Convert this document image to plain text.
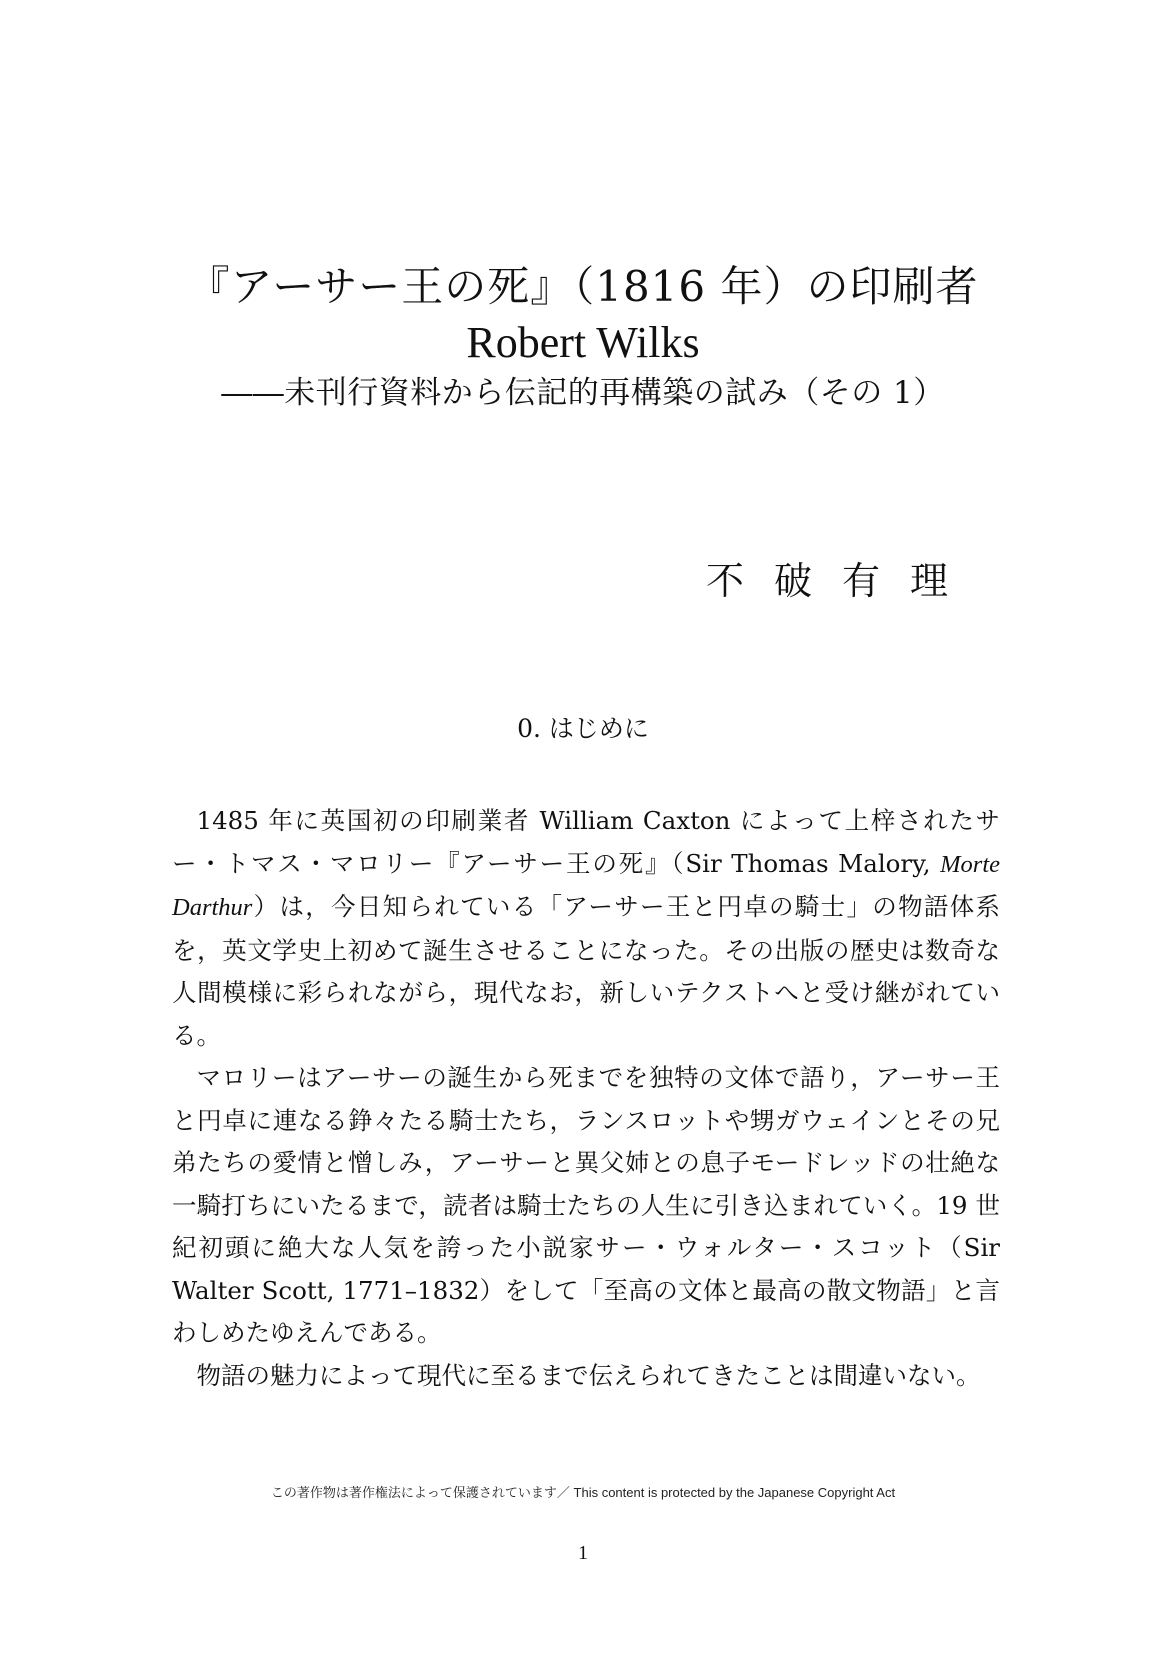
『アーサー王の死』（1816 年）の印刷者
Robert Wilks
――未刊行資料から伝記的再構築の試み（その 1）
不破有理
0. はじめに

1485 年に英国初の印刷業者 William Caxton によって上梓されたサー・トマス・マロリー『アーサー王の死』（Sir Thomas Malory, Morte Darthur）は，今日知られている「アーサー王と円卓の騎士」の物語体系を，英文学史上初めて誕生させることになった。その出版の歴史は数奇な人間模様に彩られながら，現代なお，新しいテクストへと受け継がれている。

マロリーはアーサーの誕生から死までを独特の文体で語り，アーサー王と円卓に連なる錚々たる騎士たち，ランスロットや甥ガウェインとその兄弟たちの愛情と憎しみ，アーサーと異父姉との息子モードレッドの壮絶な一騎打ちにいたるまで，読者は騎士たちの人生に引き込まれていく。19 世紀初頭に絶大な人気を誇った小説家サー・ウォルター・スコット（Sir Walter Scott, 1771–1832）をして「至高の文体と最高の散文物語」と言わしめたゆえんである。

物語の魅力によって現代に至るまで伝えられてきたことは間違いない。

この著作物は著作権法によって保護されています／ This content is protected by the Japanese Copyright Act
1
